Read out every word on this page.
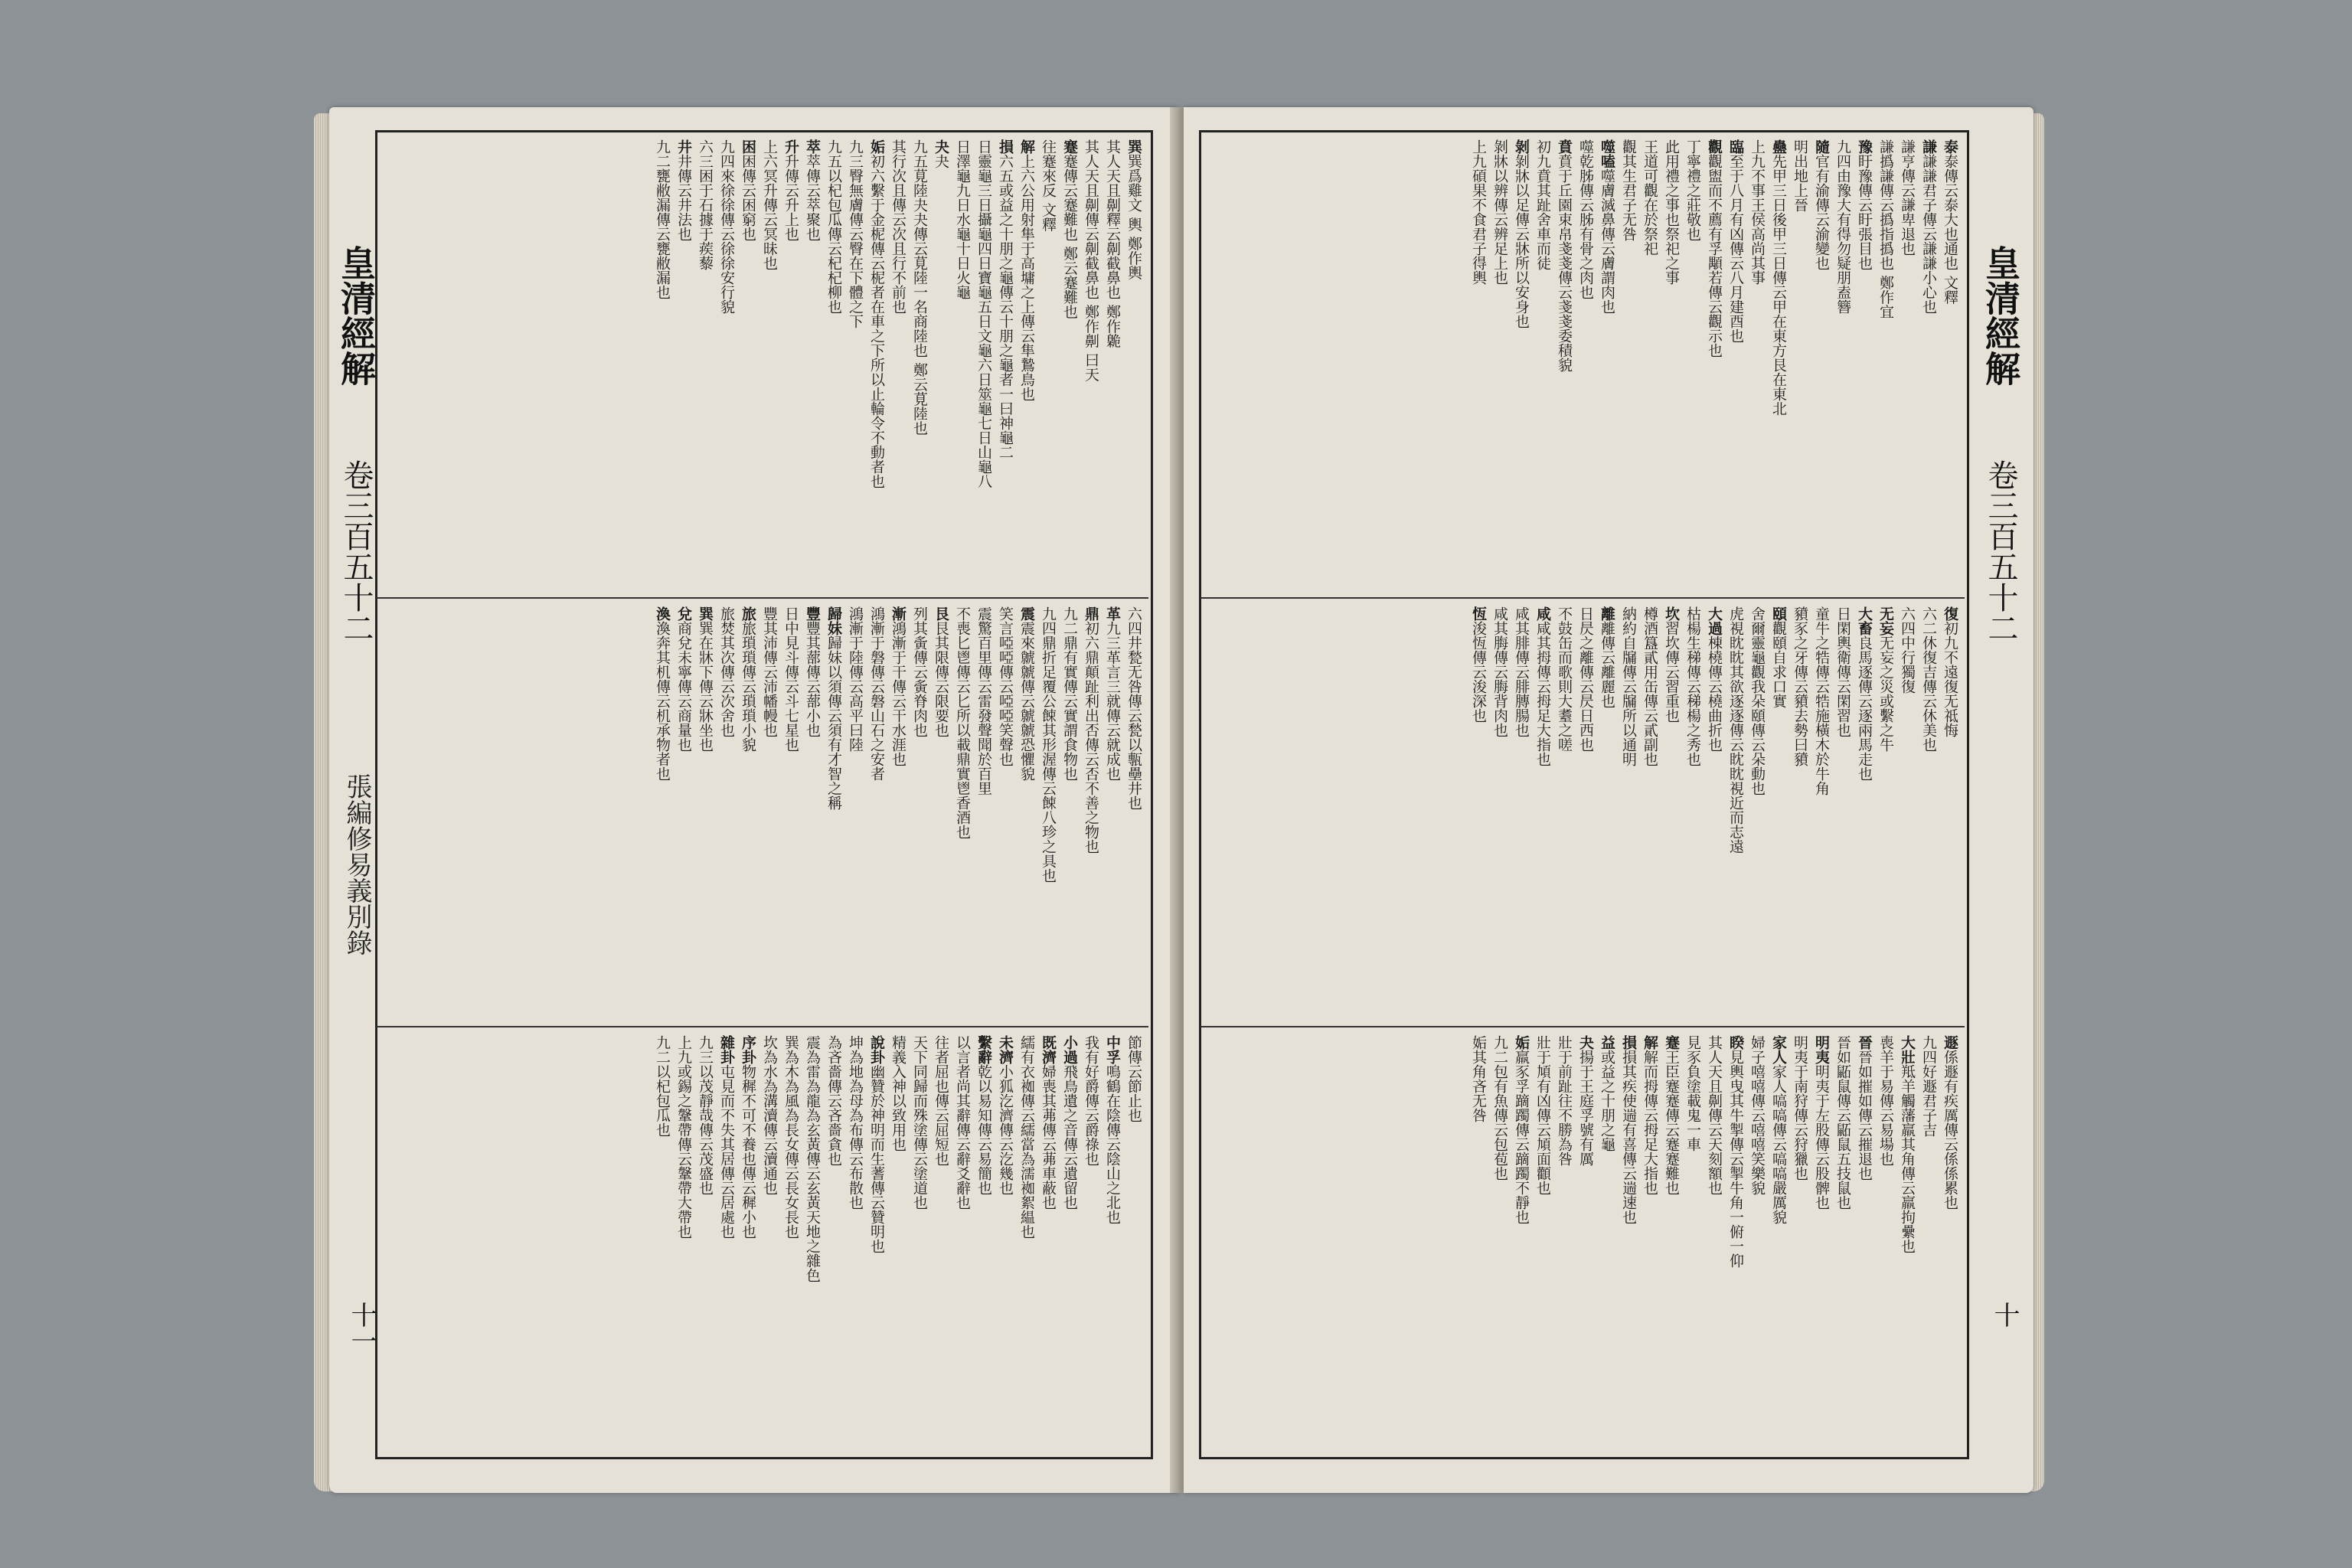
皇清經解
卷三百五十二
張編修易義別錄
十一
巽巽爲雞文 輿 鄭作輿
其人天且劓釋云劓截鼻也 鄭作臲
其人天且劓傳云劓截鼻也 鄭作劓 曰天
蹇蹇傳云蹇難也 鄭云蹇難也
往蹇來反 文釋
解上六公用射隼于高墉之上傳云隼鷙鳥也
損六五或益之十朋之龜傳云十朋之龜者一曰神龜二
日靈龜三日攝龜四日寶龜五日文龜六日筮龜七日山龜八
日澤龜九日水龜十日火龜
夬夬
九五莧陸夬夬傳云莧陸一名商陸也 鄭云莧陸也
其行次且傳云次且行不前也
姤初六繫于金柅傳云柅者在車之下所以止輪令不動者也
九三臀無膚傳云臀在下體之下
九五以杞包瓜傳云杞杞柳也
萃萃傳云萃聚也
升升傳云升上也
上六冥升傳云冥昧也
困困傳云困窮也
九四來徐徐傳云徐徐安行貌
六三困于石據于蒺藜
井井傳云井法也
九二甕敝漏傳云甕敝漏也
六四井甃无咎傳云甃以甎壘井也
革九三革言三就傳云就成也
鼎初六鼎顛趾利出否傳云否不善之物也
九二鼎有實傳云實謂食物也
九四鼎折足覆公餗其形渥傳云餗八珍之具也
震震來虩虩傳云虩虩恐懼貌
笑言啞啞傳云啞啞笑聲也
震驚百里傳云雷發聲聞於百里
不喪匕鬯傳云匕所以載鼎實鬯香酒也
艮艮其限傳云限要也
列其夤傳云夤脊肉也
漸鴻漸于干傳云干水涯也
鴻漸于磐傳云磐山石之安者
鴻漸于陸傳云高平曰陸
歸妹歸妹以須傳云須有才智之稱
豐豐其蔀傳云蔀小也
日中見斗傳云斗七星也
豐其沛傳云沛幡幔也
旅旅瑣瑣傳云瑣瑣小貌
旅焚其次傳云次舍也
巽巽在牀下傳云牀坐也
兌商兌未寧傳云商量也
渙渙奔其机傳云机承物者也
節傳云節止也
中孚鳴鶴在陰傳云陰山之北也
我有好爵傳云爵祿也
小過飛鳥遺之音傳云遺留也
既濟婦喪其茀傳云茀車蔽也
繻有衣袽傳云繻當為濡袽絮緼也
未濟小狐汔濟傳云汔幾也
繫辭乾以易知傳云易簡也
以言者尚其辭傳云辭爻辭也
往者屈也傳云屈短也
天下同歸而殊塗傳云塗道也
精義入神以致用也
說卦幽贊於神明而生蓍傳云贊明也
坤為地為母為布傳云布散也
為吝嗇傳云吝嗇貪也
震為雷為龍為玄黃傳云玄黃天地之雜色
巽為木為風為長女傳云長女長也
坎為水為溝瀆傳云瀆通也
序卦物穉不可不養也傳云穉小也
雜卦屯見而不失其居傳云居處也
九三以茂靜哉傳云茂盛也
上九或錫之鞶帶傳云鞶帶大帶也
九二以杞包瓜也
皇清經解
卷三百五十二
十
泰泰傳云泰大也通也 文釋
謙謙謙君子傳云謙謙小心也
謙亨傳云謙卑退也
謙撝謙傳云撝指撝也 鄭作宜
豫盱豫傳云盱張目也
九四由豫大有得勿疑朋盍簪
隨官有渝傳云渝變也
明出地上晉
蠱先甲三日後甲三日傳云甲在東方艮在東北
上九不事王侯高尚其事
臨至于八月有凶傳云八月建酉也
觀觀盥而不薦有孚顒若傳云觀示也
丁寧禮之莊敬也
此用禮之事也祭祀之事
王道可觀在於祭祀
觀其生君子无咎
噬嗑噬膚滅鼻傳云膚謂肉也
噬乾胏傳云胏有骨之肉也
賁賁于丘園束帛戔戔傳云戔戔委積貌
初九賁其趾舍車而徒
剝剝牀以足傳云牀所以安身也
剝牀以辨傳云辨足上也
上九碩果不食君子得輿
復初九不遠復无祗悔
六二休復吉傳云休美也
六四中行獨復
无妄无妄之災或繫之牛
大畜良馬逐傳云逐兩馬走也
日閑輿衛傳云閑習也
童牛之牿傳云牿施橫木於牛角
豶豕之牙傳云豶去勢曰豶
頤觀頤自求口實
舍爾靈龜觀我朵頤傳云朵動也
虎視眈眈其欲逐逐傳云眈眈視近而志遠
大過棟橈傳云橈曲折也
枯楊生稊傳云稊楊之秀也
坎習坎傳云習重也
樽酒簋貳用缶傳云貳副也
納約自牖傳云牖所以通明
離離傳云離麗也
日昃之離傳云昃日西也
不鼓缶而歌則大耋之嗟
咸咸其拇傳云拇足大指也
咸其腓傳云腓膞腸也
咸其脢傳云脢背肉也
恆浚恆傳云浚深也
遯係遯有疾厲傳云係係累也
九四好遯君子吉
大壯羝羊觸藩羸其角傳云羸拘纍也
喪羊于易傳云易場也
晉晉如摧如傳云摧退也
晉如鼫鼠傳云鼫鼠五技鼠也
明夷明夷于左股傳云股髀也
明夷于南狩傳云狩獵也
家人家人嗃嗃傳云嗃嗃嚴厲貌
婦子嘻嘻傳云嘻嘻笑樂貌
睽見輿曳其牛掣傳云掣牛角一俯一仰
其人天且劓傳云天刻額也
見豕負塗載鬼一車
蹇王臣蹇蹇傳云蹇蹇難也
解解而拇傳云拇足大指也
損損其疾使遄有喜傳云遄速也
益或益之十朋之龜
夬揚于王庭孚號有厲
壯于前趾往不勝為咎
壯于頄有凶傳云頄面顴也
姤羸豕孚蹢躅傳云蹢躅不靜也
九二包有魚傳云包苞也
姤其角吝无咎
